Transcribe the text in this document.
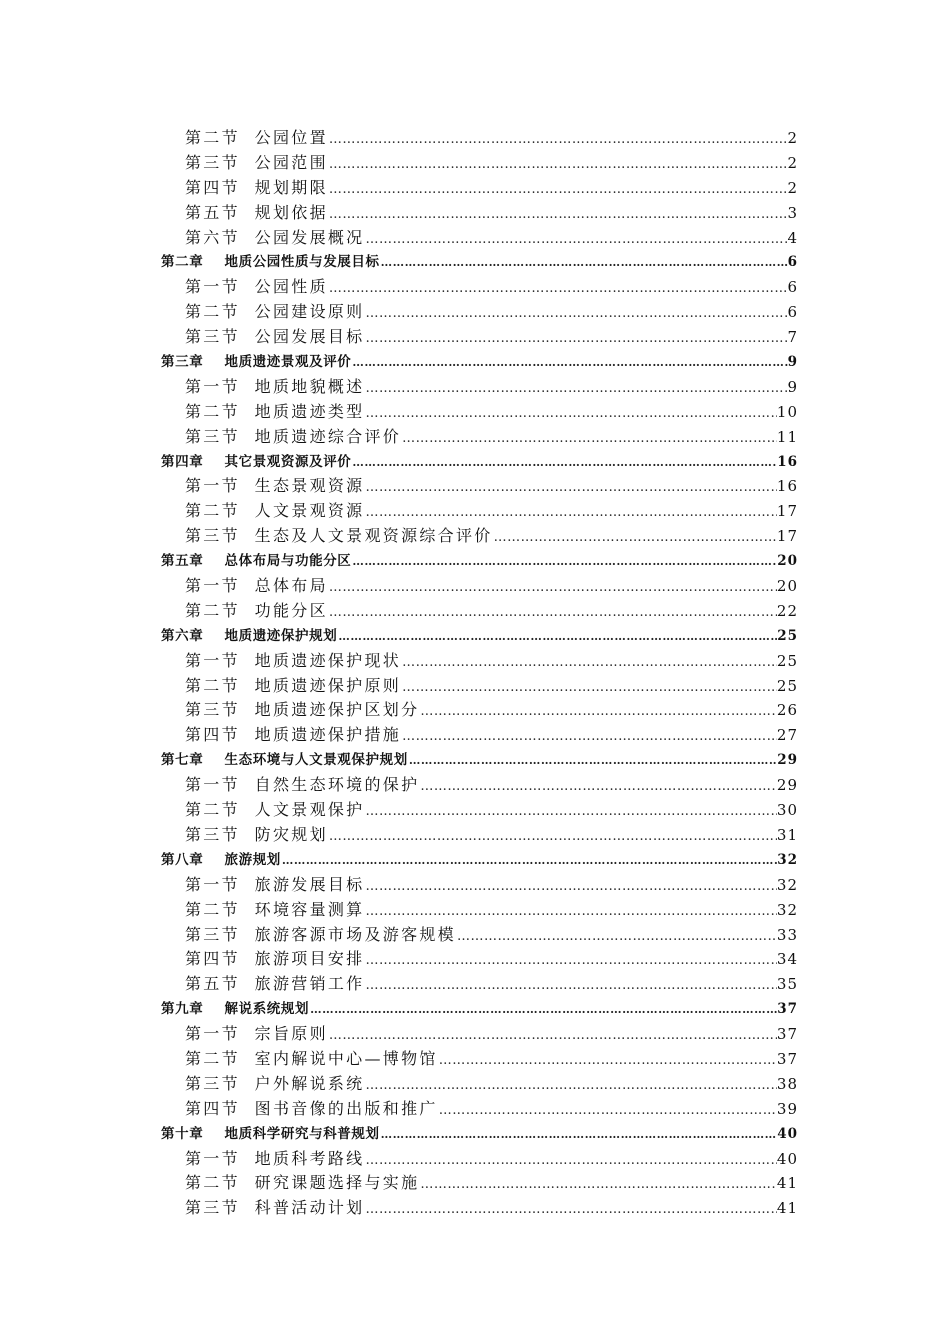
第二节  公园位置 …………………………………………………………………………………………………………………………………………………………………………………………………………………………………………………………………	2
第三节  公园范围 …………………………………………………………………………………………………………………………………………………………………………………………………………………………………………………………………	2
第四节  规划期限 …………………………………………………………………………………………………………………………………………………………………………………………………………………………………………………………………	2
第五节  规划依据 …………………………………………………………………………………………………………………………………………………………………………………………………………………………………………………………………	3
第六节  公园发展概况 …………………………………………………………………………………………………………………………………………………………………………………………………………………………………………………………………	4
第二章    地质公园性质与发展目标 …………………………………………………………………………………………………………………………………………………………………………………………………………………………………………………………………	6
第一节  公园性质 …………………………………………………………………………………………………………………………………………………………………………………………………………………………………………………………………	6
第二节  公园建设原则 …………………………………………………………………………………………………………………………………………………………………………………………………………………………………………………………………	6
第三节  公园发展目标 …………………………………………………………………………………………………………………………………………………………………………………………………………………………………………………………………	7
第三章    地质遗迹景观及评价 …………………………………………………………………………………………………………………………………………………………………………………………………………………………………………………………………	9
第一节  地质地貌概述 …………………………………………………………………………………………………………………………………………………………………………………………………………………………………………………………………	9
第二节  地质遗迹类型 …………………………………………………………………………………………………………………………………………………………………………………………………………………………………………………………………	10
第三节  地质遗迹综合评价 …………………………………………………………………………………………………………………………………………………………………………………………………………………………………………………………………	11
第四章    其它景观资源及评价 …………………………………………………………………………………………………………………………………………………………………………………………………………………………………………………………………	16
第一节  生态景观资源 …………………………………………………………………………………………………………………………………………………………………………………………………………………………………………………………………	16
第二节  人文景观资源 …………………………………………………………………………………………………………………………………………………………………………………………………………………………………………………………………	17
第三节  生态及人文景观资源综合评价 …………………………………………………………………………………………………………………………………………………………………………………………………………………………………………………………………	17
第五章    总体布局与功能分区 …………………………………………………………………………………………………………………………………………………………………………………………………………………………………………………………………	20
第一节  总体布局 …………………………………………………………………………………………………………………………………………………………………………………………………………………………………………………………………	20
第二节  功能分区 …………………………………………………………………………………………………………………………………………………………………………………………………………………………………………………………………	22
第六章    地质遗迹保护规划 …………………………………………………………………………………………………………………………………………………………………………………………………………………………………………………………………	25
第一节  地质遗迹保护现状 …………………………………………………………………………………………………………………………………………………………………………………………………………………………………………………………………	25
第二节  地质遗迹保护原则 …………………………………………………………………………………………………………………………………………………………………………………………………………………………………………………………………	25
第三节  地质遗迹保护区划分 …………………………………………………………………………………………………………………………………………………………………………………………………………………………………………………………………	26
第四节  地质遗迹保护措施 …………………………………………………………………………………………………………………………………………………………………………………………………………………………………………………………………	27
第七章    生态环境与人文景观保护规划 …………………………………………………………………………………………………………………………………………………………………………………………………………………………………………………………………	29
第一节  自然生态环境的保护 …………………………………………………………………………………………………………………………………………………………………………………………………………………………………………………………………	29
第二节  人文景观保护 …………………………………………………………………………………………………………………………………………………………………………………………………………………………………………………………………	30
第三节  防灾规划 …………………………………………………………………………………………………………………………………………………………………………………………………………………………………………………………………	31
第八章    旅游规划 …………………………………………………………………………………………………………………………………………………………………………………………………………………………………………………………………	32
第一节  旅游发展目标 …………………………………………………………………………………………………………………………………………………………………………………………………………………………………………………………………	32
第二节  环境容量测算 …………………………………………………………………………………………………………………………………………………………………………………………………………………………………………………………………	32
第三节  旅游客源市场及游客规模 …………………………………………………………………………………………………………………………………………………………………………………………………………………………………………………………………	33
第四节  旅游项目安排 …………………………………………………………………………………………………………………………………………………………………………………………………………………………………………………………………	34
第五节  旅游营销工作 …………………………………………………………………………………………………………………………………………………………………………………………………………………………………………………………………	35
第九章    解说系统规划 …………………………………………………………………………………………………………………………………………………………………………………………………………………………………………………………………	37
第一节  宗旨原则 …………………………………………………………………………………………………………………………………………………………………………………………………………………………………………………………………	37
第二节  室内解说中心—博物馆 …………………………………………………………………………………………………………………………………………………………………………………………………………………………………………………………………	37
第三节  户外解说系统 …………………………………………………………………………………………………………………………………………………………………………………………………………………………………………………………………	38
第四节  图书音像的出版和推广 …………………………………………………………………………………………………………………………………………………………………………………………………………………………………………………………………	39
第十章    地质科学研究与科普规划 …………………………………………………………………………………………………………………………………………………………………………………………………………………………………………………………………	40
第一节  地质科考路线 …………………………………………………………………………………………………………………………………………………………………………………………………………………………………………………………………	40
第二节  研究课题选择与实施 …………………………………………………………………………………………………………………………………………………………………………………………………………………………………………………………………	41
第三节  科普活动计划 …………………………………………………………………………………………………………………………………………………………………………………………………………………………………………………………………	41
